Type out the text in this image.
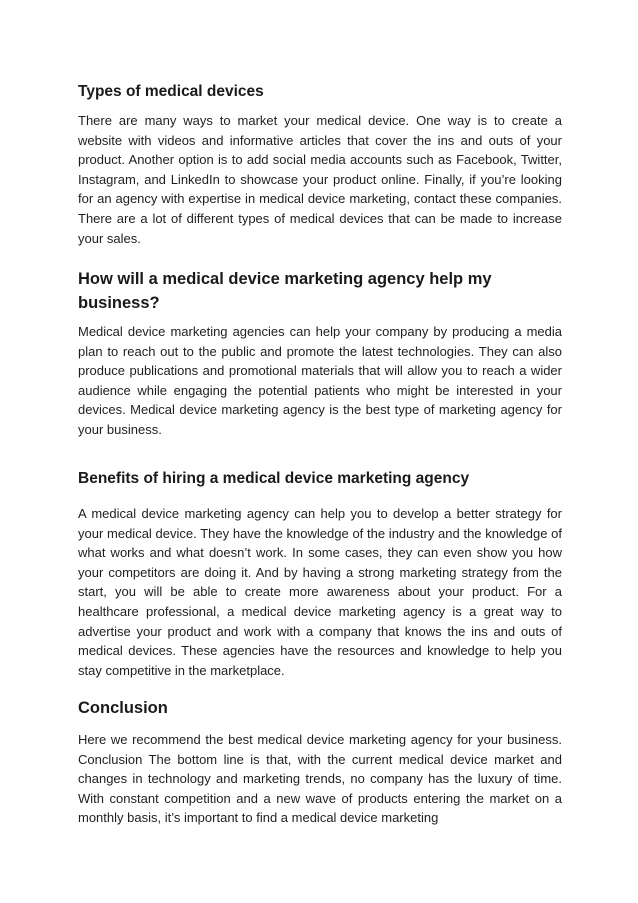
Types of medical devices

There are many ways to market your medical device. One way is to create a website with videos and informative articles that cover the ins and outs of your product. Another option is to add social media accounts such as Facebook, Twitter, Instagram, and LinkedIn to showcase your product online. Finally, if you’re looking for an agency with expertise in medical device marketing, contact these companies. There are a lot of different types of medical devices that can be made to increase your sales.

How will a medical device marketing agency help my business?

Medical device marketing agencies can help your company by producing a media plan to reach out to the public and promote the latest technologies. They can also produce publications and promotional materials that will allow you to reach a wider audience while engaging the potential patients who might be interested in your devices. Medical device marketing agency is the best type of marketing agency for your business.

Benefits of hiring a medical device marketing agency

A medical device marketing agency can help you to develop a better strategy for your medical device. They have the knowledge of the industry and the knowledge of what works and what doesn’t work. In some cases, they can even show you how your competitors are doing it. And by having a strong marketing strategy from the start, you will be able to create more awareness about your product. For a healthcare professional, a medical device marketing agency is a great way to advertise your product and work with a company that knows the ins and outs of medical devices. These agencies have the resources and knowledge to help you stay competitive in the marketplace.

Conclusion

Here we recommend the best medical device marketing agency for your business. Conclusion The bottom line is that, with the current medical device market and changes in technology and marketing trends, no company has the luxury of time. With constant competition and a new wave of products entering the market on a monthly basis, it’s important to find a medical device marketing
